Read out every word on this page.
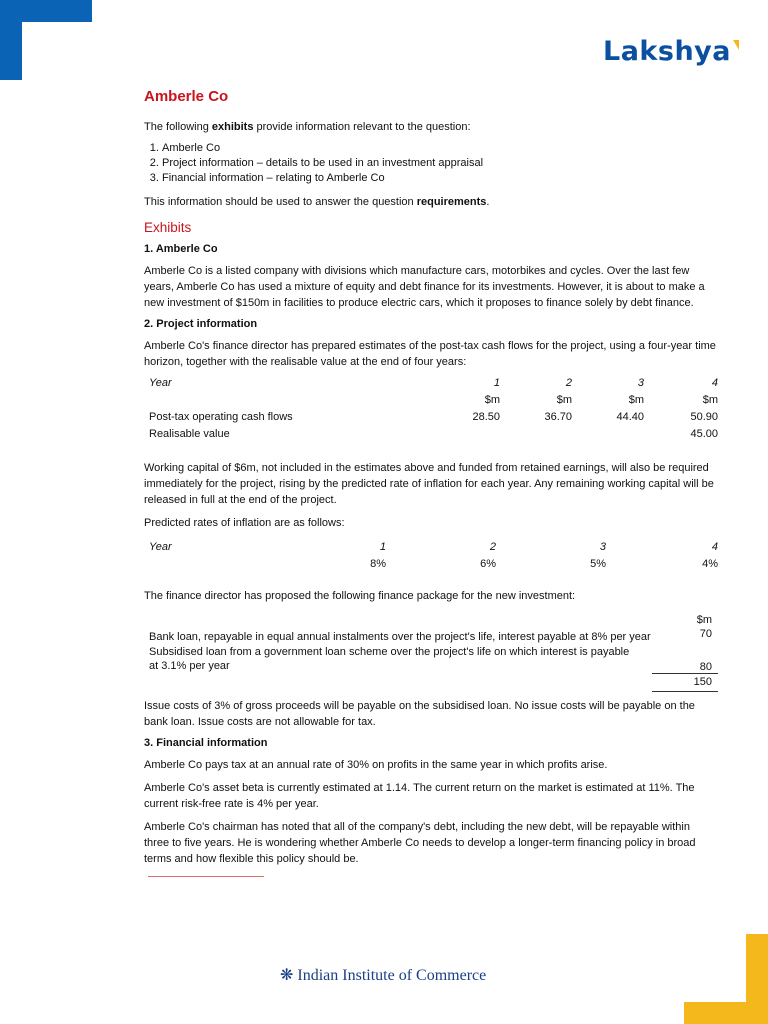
Lakshya
Amberle Co

The following exhibits provide information relevant to the question:

1. Amberle Co
2. Project information – details to be used in an investment appraisal
3. Financial information – relating to Amberle Co

This information should be used to answer the question requirements.

Exhibits
1. Amberle Co

Amberle Co is a listed company with divisions which manufacture cars, motorbikes and cycles. Over the last few years, Amberle Co has used a mixture of equity and debt finance for its investments. However, it is about to make a new investment of $150m in facilities to produce electric cars, which it proposes to finance solely by debt finance.

2. Project information

Amberle Co's finance director has prepared estimates of the post-tax cash flows for the project, using a four-year time horizon, together with the realisable value at the end of four years:

Year	1	2	3	4
	$m	$m	$m	$m
Post-tax operating cash flows	28.50	36.70	44.40	50.90
Realisable value				45.00

Working capital of $6m, not included in the estimates above and funded from retained earnings, will also be required immediately for the project, rising by the predicted rate of inflation for each year. Any remaining working capital will be released in full at the end of the project.

Predicted rates of inflation are as follows:

Year	1	2	3	4
	8%	6%	5%	4%

The finance director has proposed the following finance package for the new investment:

	$m
Bank loan, repayable in equal annual instalments over the project's life, interest payable at 8% per year	70
Subsidised loan from a government loan scheme over the project's life on which interest is payable at 3.1% per year	80
	150

Issue costs of 3% of gross proceeds will be payable on the subsidised loan. No issue costs will be payable on the bank loan. Issue costs are not allowable for tax.

3. Financial information

Amberle Co pays tax at an annual rate of 30% on profits in the same year in which profits arise.

Amberle Co's asset beta is currently estimated at 1.14. The current return on the market is estimated at 11%. The current risk-free rate is 4% per year.

Amberle Co's chairman has noted that all of the company's debt, including the new debt, will be repayable within three to five years. He is wondering whether Amberle Co needs to develop a longer-term financing policy in broad terms and how flexible this policy should be.

❋ Indian Institute of Commerce
